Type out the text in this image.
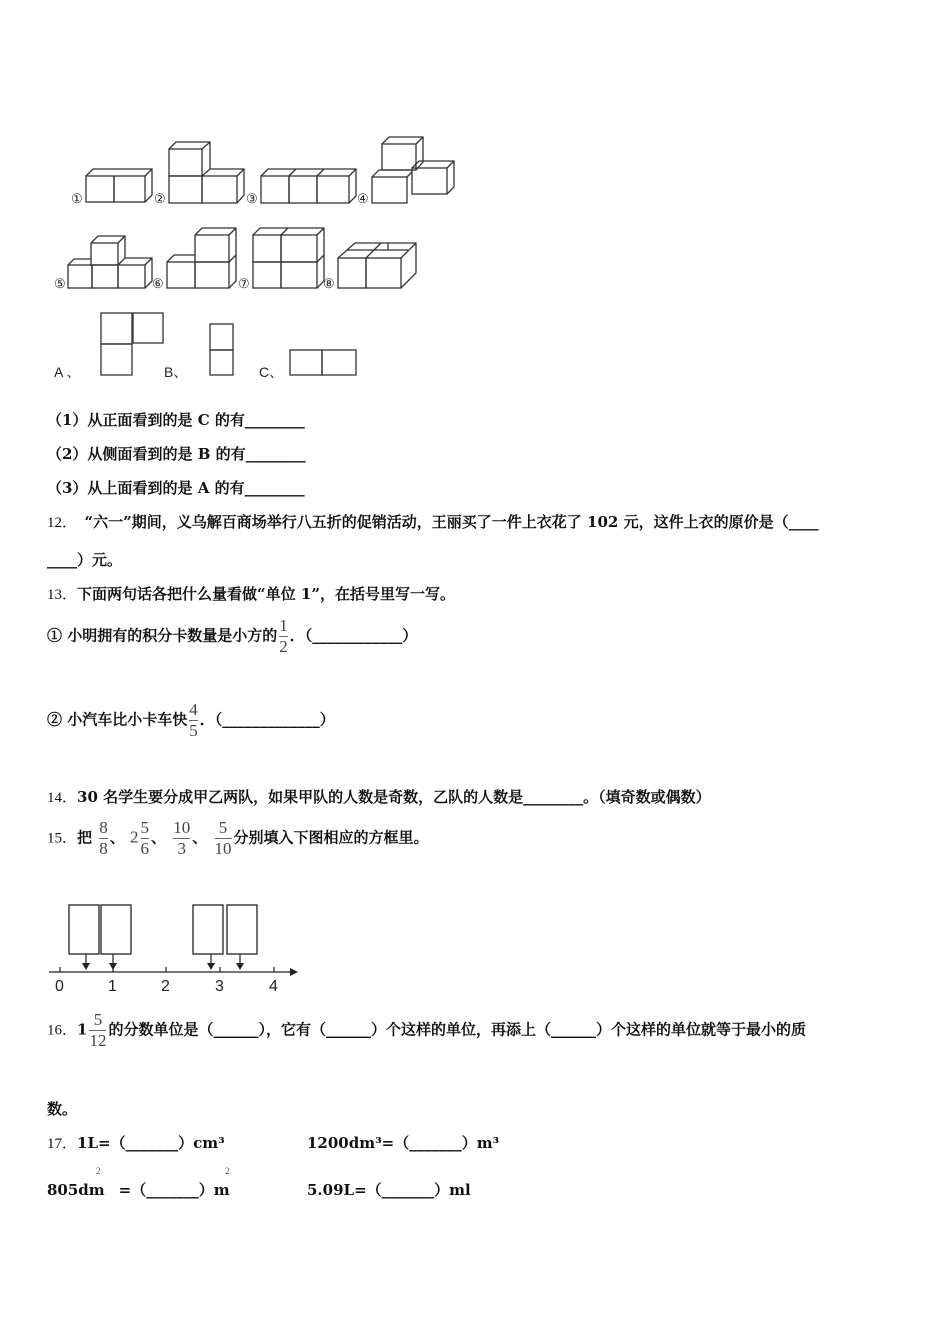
①	②	③	④
⑤	⑥	⑦	⑧
A 、	B、	C、
（1）从正面看到的是 C 的有________
（2）从侧面看到的是 B 的有________
（3）从上面看到的是 A 的有________
12．　 “六一”期间，义乌解百商场举行八五折的促销活动，王丽买了一件上衣花了 102 元，这件上衣的原价是（____
____）元。
13．下面两句话各把什么量看做“单位 1”，在括号里写一写。
① 小明拥有的积分卡数量是小方的 $\frac{1}{2}$ ．（____________）
② 小汽车比小卡车快 $\frac{4}{5}$ ．（_____________）
14．30 名学生要分成甲乙两队，如果甲队的人数是奇数，乙队的人数是________。（填奇数或偶数）
15．把 $\frac{8}{8}$ 、 $2 \frac{5}{6}$ 、 $\frac{10}{3}$ 、 $\frac{5}{10}$ 分别填入下图相应的方框里。
0	1	2	3	4
16．$1 \frac{5}{12}$ 的分数单位是（______），它有（______）个这样的单位，再添上（______）个这样的单位就等于最小的质
数。
17．1L=（_______）cm³	1200dm³=（_______）m³
805dm =（_______）m
2	2
5.09L=（_______）ml
